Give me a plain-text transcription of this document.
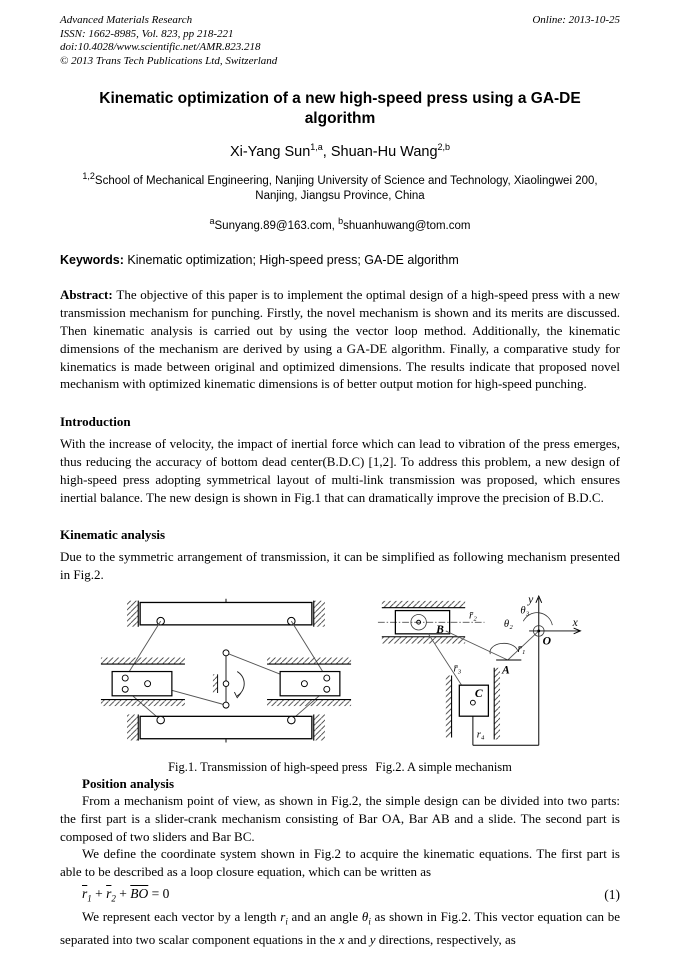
Advanced Materials Research
ISSN: 1662-8985, Vol. 823, pp 218-221
doi:10.4028/www.scientific.net/AMR.823.218
© 2013 Trans Tech Publications Ltd, Switzerland
Online: 2013-10-25
Kinematic optimization of a new high-speed press using a GA-DE
algorithm
Xi-Yang Sun$^{1,a}$, Shuan-Hu Wang$^{2,b}$
$^{1,2}$School of Mechanical Engineering, Nanjing University of Science and Technology, Xiaolingwei 200, Nanjing, Jiangsu Province, China
$^a$Sunyang.89@163.com, $^b$shuanhuwang@tom.com
Keywords: Kinematic optimization; High-speed press; GA-DE algorithm

Abstract: The objective of this paper is to implement the optimal design of a high-speed press with a new transmission mechanism for punching. Firstly, the novel mechanism is shown and its merits are discussed. Then kinematic analysis is carried out by using the vector loop method. Additionally, the kinematic dimensions of the mechanism are derived by using a GA-DE algorithm. Finally, a comparative study for kinematics is made between original and optimized dimensions. The results indicate that proposed novel mechanism with optimized kinematic dimensions is of better output motion for high-speed punching.

Introduction

With the increase of velocity, the impact of inertial force which can lead to vibration of the press emerges, thus reducing the accuracy of bottom dead center(B.D.C) [1,2]. To address this problem, a new design of high-speed press adopting symmetrical layout of multi-link transmission was proposed, which ensures inertial balance. The new design is shown in Fig.1 that can dramatically improve the precision of B.D.C.

Kinematic analysis

Due to the symmetric arrangement of transmission, it can be simplified as following mechanism presented in Fig.2.

y
x
O
A
B
C
θ₂
θ₃
r̄₁
r̄₂
r̄₃
r₄
Fig.1. Transmission of high-speed press Fig.2. A simple mechanism
Position analysis

From a mechanism point of view, as shown in Fig.2, the simple design can be divided into two parts: the first part is a slider-crank mechanism consisting of Bar OA, Bar AB and a slide. The second part is composed of two sliders and Bar BC.

We define the coordinate system shown in Fig.2 to acquire the kinematic equations. The first part is able to be described as a loop closure equation, which can be written as

$\overline{r}_1 + \overline{r}_2 + \overline{BO} = 0$	(1)

We represent each vector by a length $r_i$ and an angle $\theta_i$ as shown in Fig.2. This vector equation can be separated into two scalar component equations in the x and y directions, respectively, as
